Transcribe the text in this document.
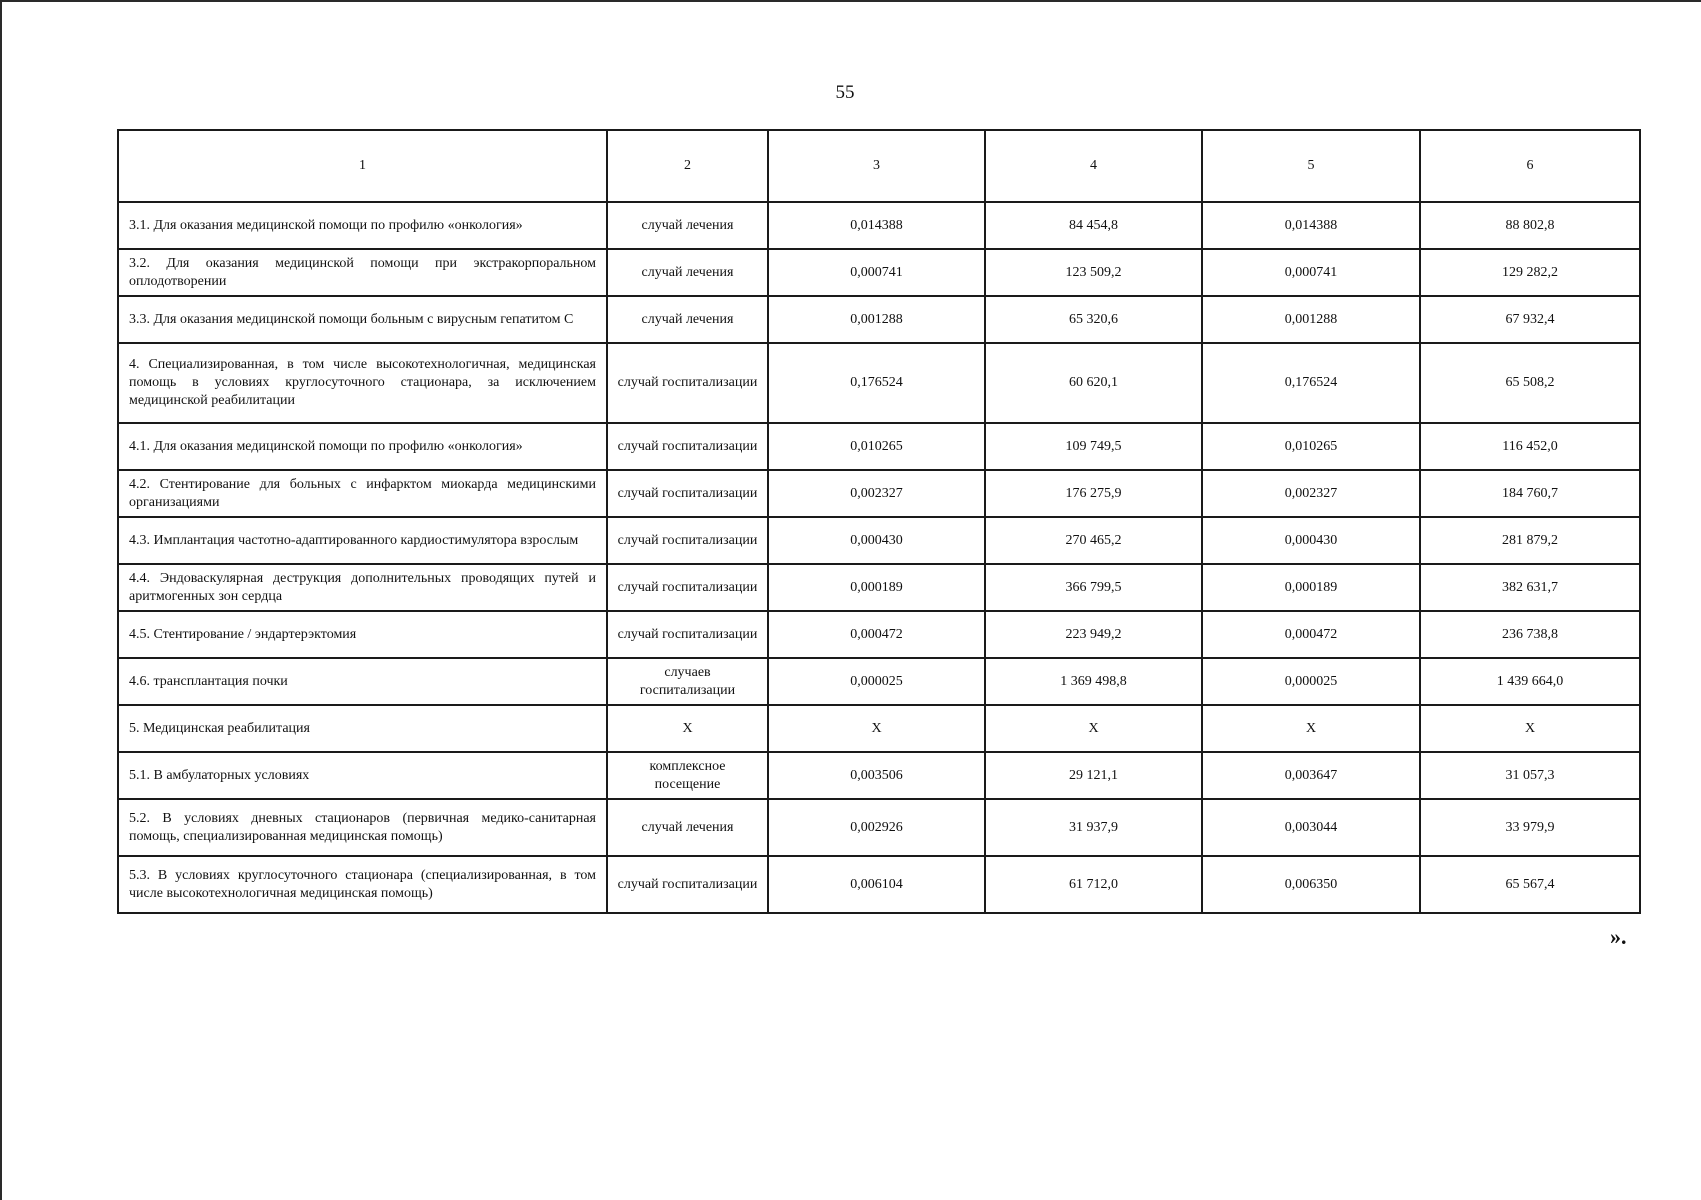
55
1	2	3	4	5	6
3.1. Для оказания медицинской помощи по профилю «онкология»	случай лечения	0,014388	84 454,8	0,014388	88 802,8
3.2. Для оказания медицинской помощи при экстракорпоральном оплодотворении	случай лечения	0,000741	123 509,2	0,000741	129 282,2
3.3. Для оказания медицинской помощи больным с вирусным гепатитом С	случай лечения	0,001288	65 320,6	0,001288	67 932,4
4. Специализированная, в том числе высокотехнологичная, медицинская помощь в условиях круглосуточного стационара, за исключением медицинской реабилитации	случай госпитализации	0,176524	60 620,1	0,176524	65 508,2
4.1. Для оказания медицинской помощи по профилю «онкология»	случай госпитализации	0,010265	109 749,5	0,010265	116 452,0
4.2. Стентирование для больных с инфарктом миокарда медицинскими организациями	случай госпитализации	0,002327	176 275,9	0,002327	184 760,7
4.3. Имплантация частотно-адаптированного кардиостимулятора взрослым	случай госпитализации	0,000430	270 465,2	0,000430	281 879,2
4.4. Эндоваскулярная деструкция дополнительных проводящих путей и аритмогенных зон сердца	случай госпитализации	0,000189	366 799,5	0,000189	382 631,7
4.5. Стентирование / эндартерэктомия	случай госпитализации	0,000472	223 949,2	0,000472	236 738,8
4.6. трансплантация почки	случаев госпитализации	0,000025	1 369 498,8	0,000025	1 439 664,0
5. Медицинская реабилитация	Х	Х	Х	Х	Х
5.1. В амбулаторных условиях	комплексное посещение	0,003506	29 121,1	0,003647	31 057,3
5.2. В условиях дневных стационаров (первичная медико-санитарная помощь, специализированная медицинская помощь)	случай лечения	0,002926	31 937,9	0,003044	33 979,9
5.3. В условиях круглосуточного стационара (специализированная, в том числе высокотехнологичная медицинская помощь)	случай госпитализации	0,006104	61 712,0	0,006350	65 567,4
».
